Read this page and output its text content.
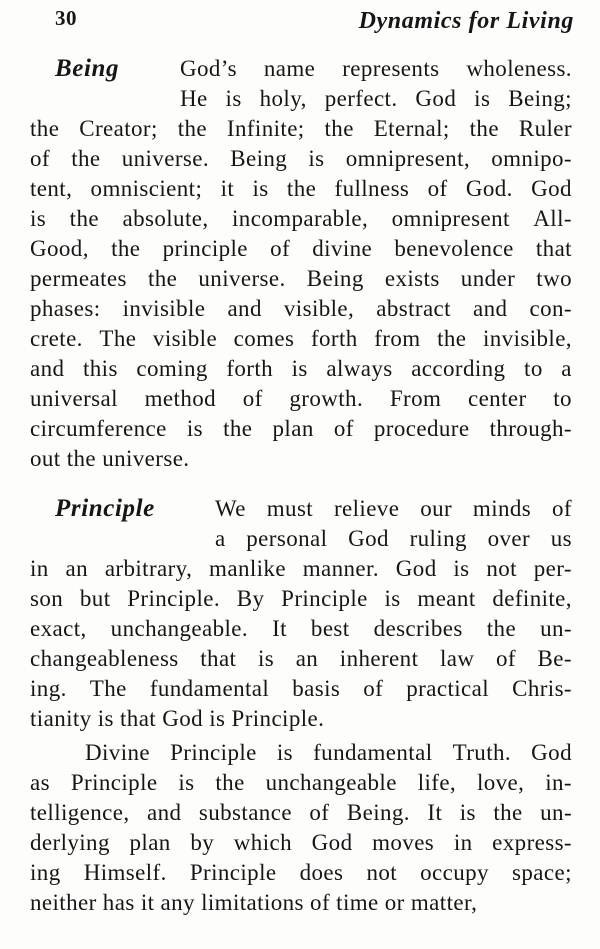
30	Dynamics for Living
Being	God’s name represents wholeness.
He is holy, perfect. God is Being;
the Creator; the Infinite; the Eternal; the Ruler
of the universe. Being is omnipresent, omnipo-
tent, omniscient; it is the fullness of God. God
is the absolute, incomparable, omnipresent All-
Good, the principle of divine benevolence that
permeates the universe. Being exists under two
phases: invisible and visible, abstract and con-
crete. The visible comes forth from the invisible,
and this coming forth is always according to a
universal method of growth. From center to
circumference is the plan of procedure through-
out the universe.
Principle	We must relieve our minds of
a personal God ruling over us
in an arbitrary, manlike manner. God is not per-
son but Principle. By Principle is meant definite,
exact, unchangeable. It best describes the un-
changeableness that is an inherent law of Be-
ing. The fundamental basis of practical Chris-
tianity is that God is Principle.
Divine Principle is fundamental Truth. God
as Principle is the unchangeable life, love, in-
telligence, and substance of Being. It is the un-
derlying plan by which God moves in express-
ing Himself. Principle does not occupy space;
neither has it any limitations of time or matter,
